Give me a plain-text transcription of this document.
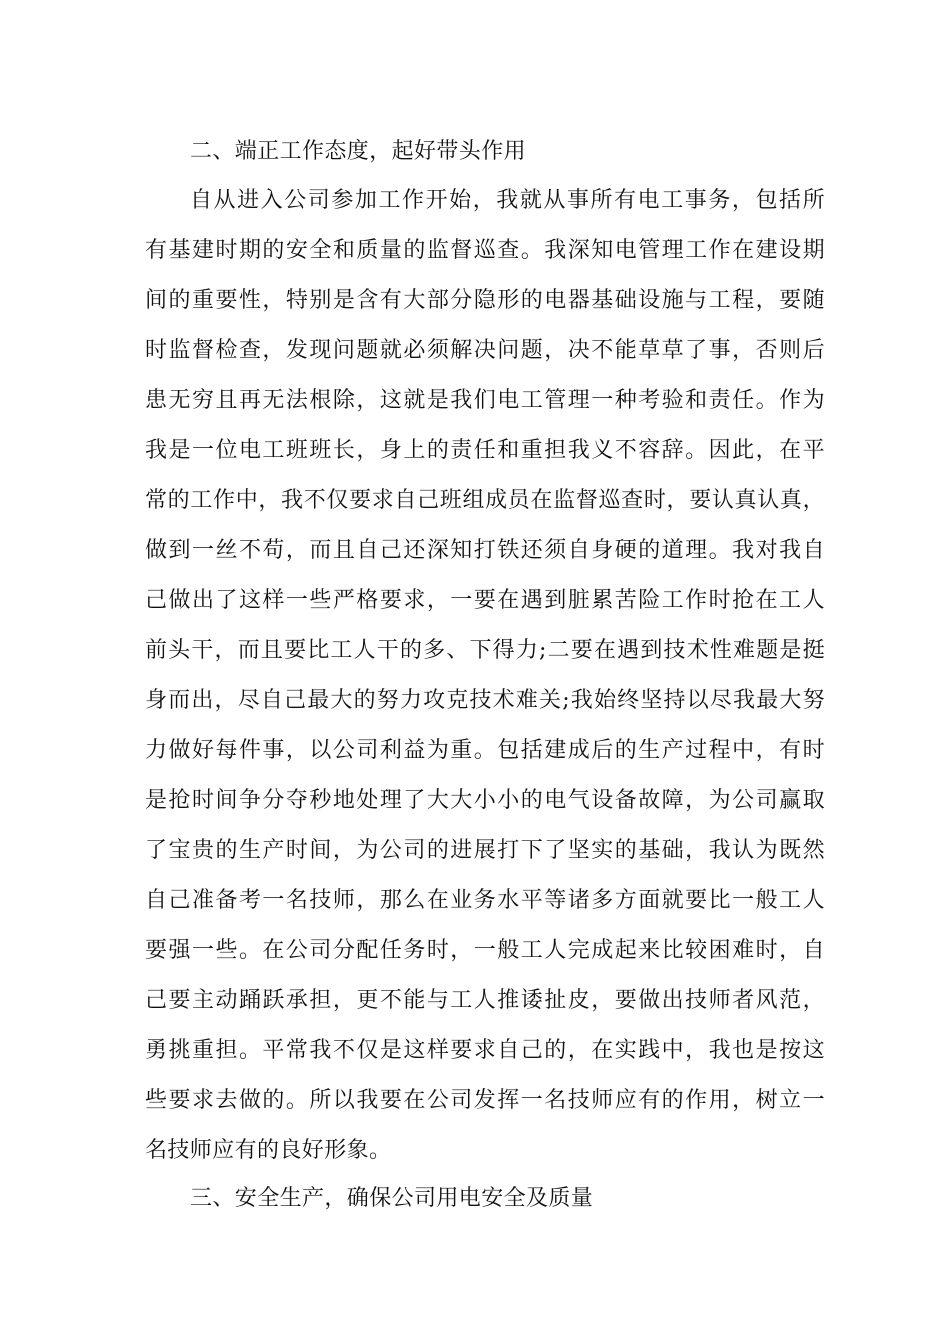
二、端正工作态度，起好带头作用
自从进入公司参加工作开始，我就从事所有电工事务，包括所
有基建时期的安全和质量的监督巡查。我深知电管理工作在建设期
间的重要性，特别是含有大部分隐形的电器基础设施与工程，要随
时监督检查，发现问题就必须解决问题，决不能草草了事，否则后
患无穷且再无法根除，这就是我们电工管理一种考验和责任。作为
我是一位电工班班长，身上的责任和重担我义不容辞。因此，在平
常的工作中，我不仅要求自己班组成员在监督巡查时，要认真认真，
做到一丝不苟，而且自己还深知打铁还须自身硬的道理。我对我自
己做出了这样一些严格要求，一要在遇到脏累苦险工作时抢在工人
前头干，而且要比工人干的多、下得力;二要在遇到技术性难题是挺
身而出，尽自己最大的努力攻克技术难关;我始终坚持以尽我最大努
力做好每件事，以公司利益为重。包括建成后的生产过程中，有时
是抢时间争分夺秒地处理了大大小小的电气设备故障，为公司赢取
了宝贵的生产时间，为公司的进展打下了坚实的基础，我认为既然
自己准备考一名技师，那么在业务水平等诸多方面就要比一般工人
要强一些。在公司分配任务时，一般工人完成起来比较困难时，自
己要主动踊跃承担，更不能与工人推诿扯皮，要做出技师者风范，
勇挑重担。平常我不仅是这样要求自己的，在实践中，我也是按这
些要求去做的。所以我要在公司发挥一名技师应有的作用，树立一
名技师应有的良好形象。
三、安全生产，确保公司用电安全及质量
